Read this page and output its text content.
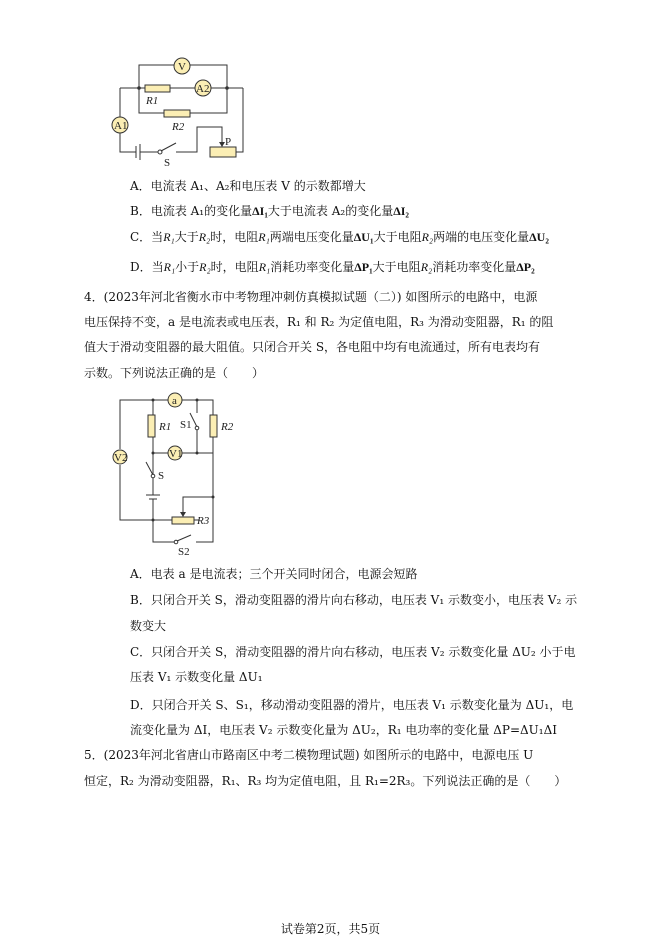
V
A2
A1
R1
R2
S
P
a
V1
V2
R1	R2
S1
S
R3
S2
A．电流表 A₁、A₂和电压表 V 的示数都增大
B．电流表 A₁的变化量ΔI₁大于电流表 A₂的变化量ΔI₂
C．当R₁大于R₂时，电阻R₁两端电压变化量ΔU₁大于电阻R₂两端的电压变化量ΔU₂
D．当R₁小于R₂时，电阻R₁消耗功率变化量ΔP₁大于电阻R₂消耗功率变化量ΔP₂
4．(2023年河北省衡水市中考物理冲刺仿真模拟试题（二）) 如图所示的电路中，电源
电压保持不变，a 是电流表或电压表，R₁ 和 R₂ 为定值电阻，R₃ 为滑动变阻器，R₁ 的阻
值大于滑动变阻器的最大阻值。只闭合开关 S，各电阻中均有电流通过，所有电表均有
示数。下列说法正确的是（　　）
A．电表 a 是电流表；三个开关同时闭合，电源会短路
B．只闭合开关 S，滑动变阻器的滑片向右移动，电压表 V₁ 示数变小，电压表 V₂ 示
数变大
C．只闭合开关 S，滑动变阻器的滑片向右移动，电压表 V₂ 示数变化量 ΔU₂ 小于电
压表 V₁ 示数变化量 ΔU₁
D．只闭合开关 S、S₁，移动滑动变阻器的滑片，电压表 V₁ 示数变化量为 ΔU₁，电
流变化量为 ΔI，电压表 V₂ 示数变化量为 ΔU₂，R₁ 电功率的变化量 ΔP=ΔU₁ΔI
5．(2023年河北省唐山市路南区中考二模物理试题) 如图所示的电路中，电源电压 U
恒定，R₂ 为滑动变阻器，R₁、R₃ 均为定值电阻，且 R₁=2R₃。下列说法正确的是（　　）
试卷第2页，共5页
